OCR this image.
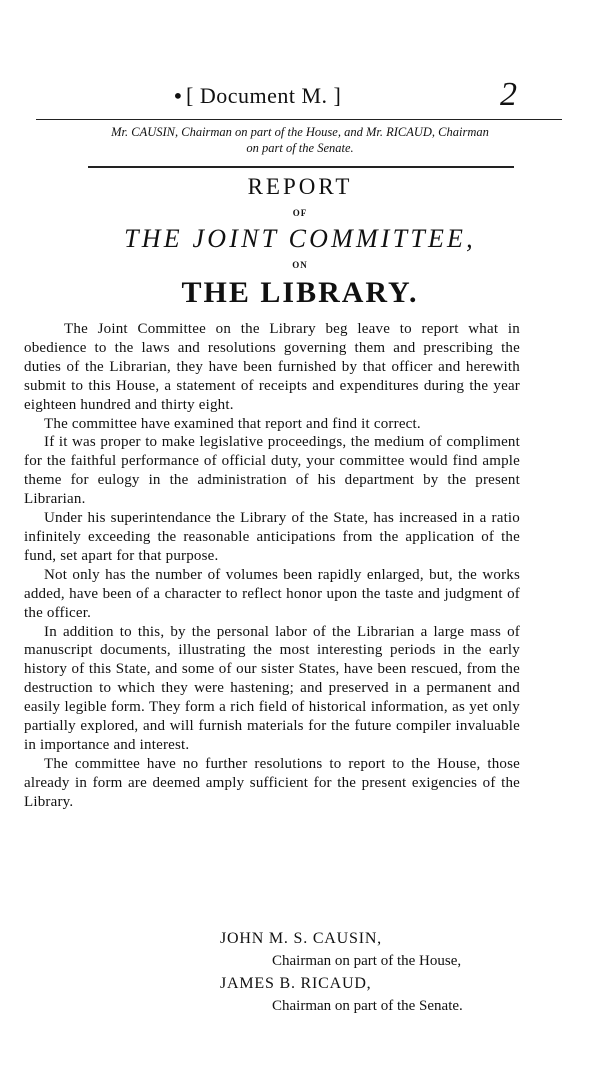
• [ Document M. ]	2
Mr. CAUSIN, Chairman on part of the House, and Mr. RICAUD, Chairman
on part of the Senate.
REPORT
OF
THE JOINT COMMITTEE,
ON
THE LIBRARY.

The Joint Committee on the Library beg leave to report what in obedience to the laws and resolutions governing them and prescribing the duties of the Librarian, they have been furnished by that officer and herewith submit to this House, a statement of receipts and expenditures during the year eighteen hundred and thirty eight.

The committee have examined that report and find it correct.

If it was proper to make legislative proceedings, the medium of compliment for the faithful performance of official duty, your committee would find ample theme for eulogy in the administration of his department by the present Librarian.

Under his superintendance the Library of the State, has increased in a ratio infinitely exceeding the reasonable anticipations from the application of the fund, set apart for that purpose.

Not only has the number of volumes been rapidly enlarged, but, the works added, have been of a character to reflect honor upon the taste and judgment of the officer.

In addition to this, by the personal labor of the Librarian a large mass of manuscript documents, illustrating the most interesting periods in the early history of this State, and some of our sister States, have been rescued, from the destruction to which they were hastening; and preserved in a permanent and easily legible form. They form a rich field of historical information, as yet only partially explored, and will furnish materials for the future compiler invaluable in importance and interest.

The committee have no further resolutions to report to the House, those already in form are deemed amply sufficient for the present exigencies of the Library.

JOHN M. S. CAUSIN,
Chairman on part of the House,
JAMES B. RICAUD,
Chairman on part of the Senate.
